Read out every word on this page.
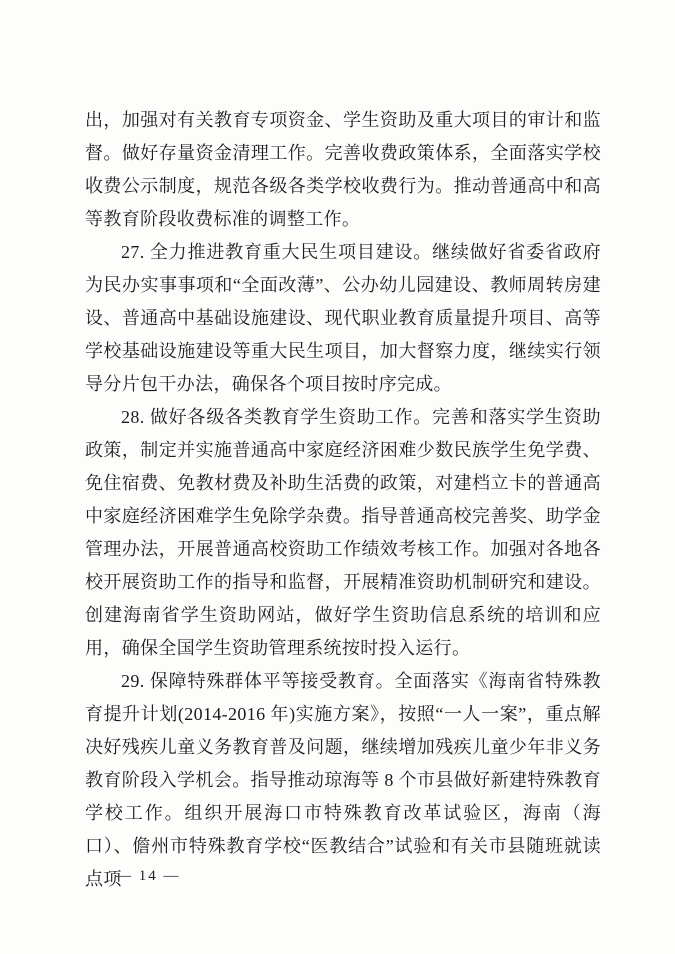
出，加强对有关教育专项资金、学生资助及重大项目的审计和监督。做好存量资金清理工作。完善收费政策体系，全面落实学校收费公示制度，规范各级各类学校收费行为。推动普通高中和高等教育阶段收费标准的调整工作。

27. 全力推进教育重大民生项目建设。继续做好省委省政府为民办实事事项和“全面改薄”、公办幼儿园建设、教师周转房建设、普通高中基础设施建设、现代职业教育质量提升项目、高等学校基础设施建设等重大民生项目，加大督察力度，继续实行领导分片包干办法，确保各个项目按时序完成。

28. 做好各级各类教育学生资助工作。完善和落实学生资助政策，制定并实施普通高中家庭经济困难少数民族学生免学费、免住宿费、免教材费及补助生活费的政策，对建档立卡的普通高中家庭经济困难学生免除学杂费。指导普通高校完善奖、助学金管理办法，开展普通高校资助工作绩效考核工作。加强对各地各校开展资助工作的指导和监督，开展精准资助机制研究和建设。创建海南省学生资助网站，做好学生资助信息系统的培训和应用，确保全国学生资助管理系统按时投入运行。

29. 保障特殊群体平等接受教育。全面落实《海南省特殊教育提升计划(2014-2016 年)实施方案》，按照“一人一案”，重点解决好残疾儿童义务教育普及问题，继续增加残疾儿童少年非义务教育阶段入学机会。指导推动琼海等 8 个市县做好新建特殊教育学校工作。组织开展海口市特殊教育改革试验区，海南（海口）、儋州市特殊教育学校“医教结合”试验和有关市县随班就读点项

— 14 —
